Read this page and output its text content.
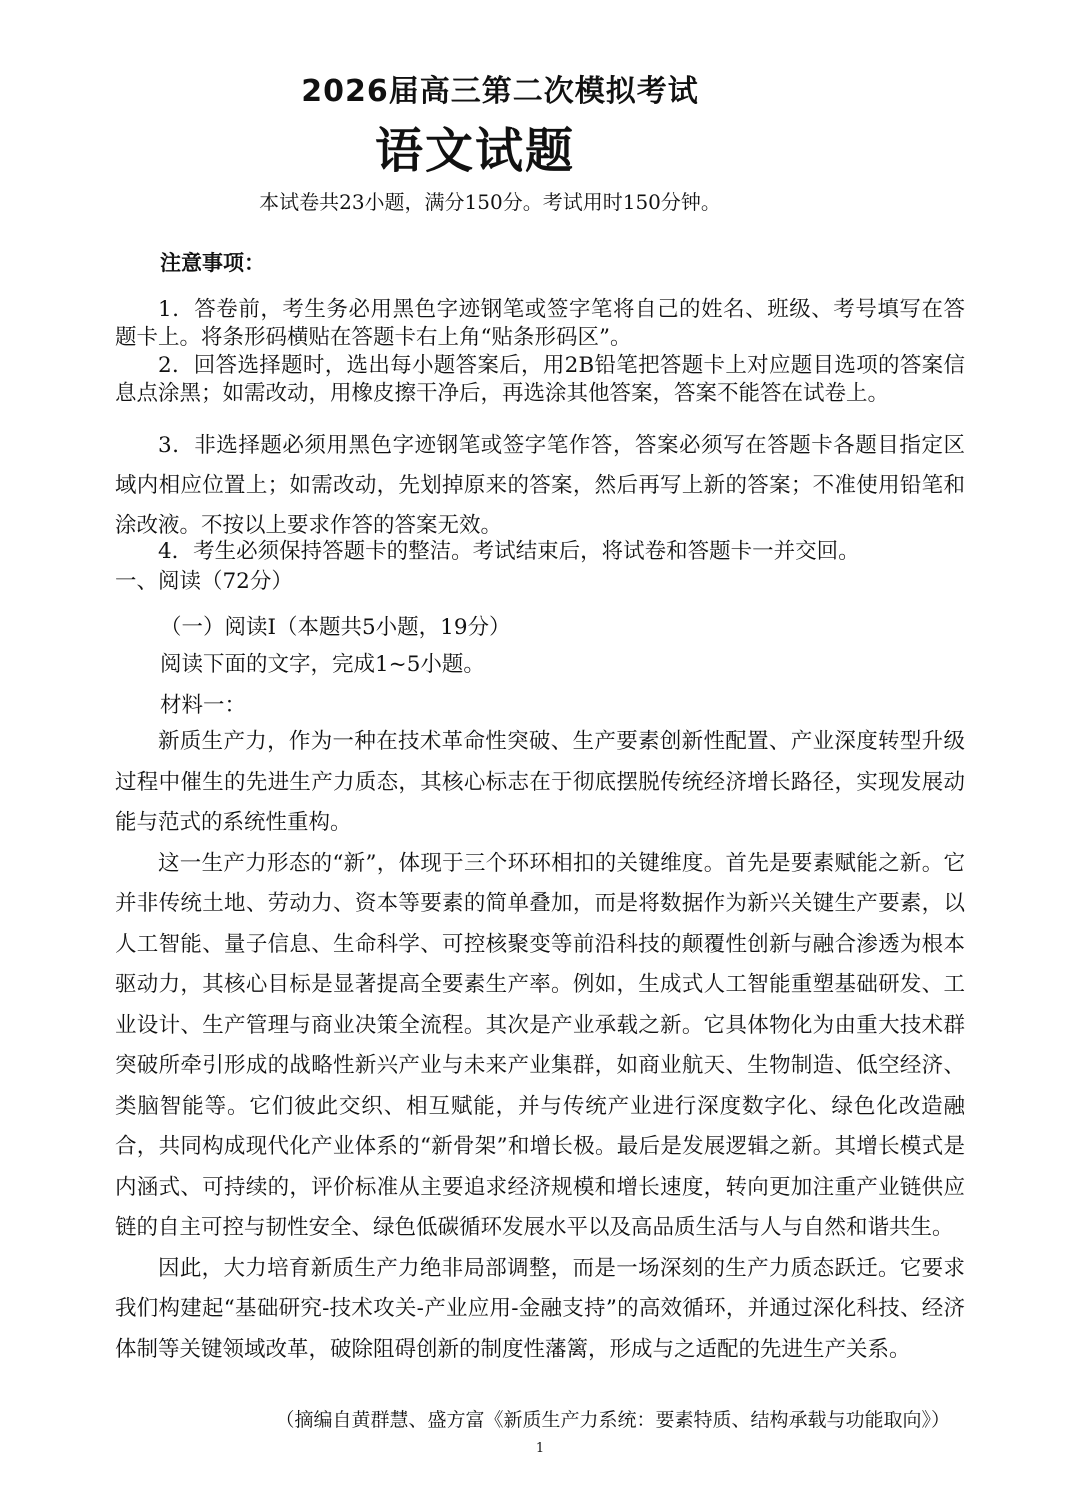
2026届高三第二次模拟考试
语文试题
本试卷共23小题，满分150分。考试用时150分钟。
注意事项：

1．答卷前，考生务必用黑色字迹钢笔或签字笔将自己的姓名、班级、考号填写在答题卡上。将条形码横贴在答题卡右上角“贴条形码区”。

2．回答选择题时，选出每小题答案后，用2B铅笔把答题卡上对应题目选项的答案信息点涂黑；如需改动，用橡皮擦干净后，再选涂其他答案，答案不能答在试卷上。

3．非选择题必须用黑色字迹钢笔或签字笔作答，答案必须写在答题卡各题目指定区域内相应位置上；如需改动，先划掉原来的答案，然后再写上新的答案；不准使用铅笔和涂改液。不按以上要求作答的答案无效。

4．考生必须保持答题卡的整洁。考试结束后，将试卷和答题卡一并交回。

一、阅读（72分）
（一）阅读I（本题共5小题，19分）
阅读下面的文字，完成1~5小题。
材料一：

新质生产力，作为一种在技术革命性突破、生产要素创新性配置、产业深度转型升级过程中催生的先进生产力质态，其核心标志在于彻底摆脱传统经济增长路径，实现发展动能与范式的系统性重构。

这一生产力形态的“新”，体现于三个环环相扣的关键维度。首先是要素赋能之新。它并非传统土地、劳动力、资本等要素的简单叠加，而是将数据作为新兴关键生产要素，以人工智能、量子信息、生命科学、可控核聚变等前沿科技的颠覆性创新与融合渗透为根本驱动力，其核心目标是显著提高全要素生产率。例如，生成式人工智能重塑基础研发、工业设计、生产管理与商业决策全流程。其次是产业承载之新。它具体物化为由重大技术群突破所牵引形成的战略性新兴产业与未来产业集群，如商业航天、生物制造、低空经济、类脑智能等。它们彼此交织、相互赋能，并与传统产业进行深度数字化、绿色化改造融合，共同构成现代化产业体系的“新骨架”和增长极。最后是发展逻辑之新。其增长模式是内涵式、可持续的，评价标准从主要追求经济规模和增长速度，转向更加注重产业链供应链的自主可控与韧性安全、绿色低碳循环发展水平以及高品质生活与人与自然和谐共生。

因此，大力培育新质生产力绝非局部调整，而是一场深刻的生产力质态跃迁。它要求我们构建起“基础研究-技术攻关-产业应用-金融支持”的高效循环，并通过深化科技、经济体制等关键领域改革，破除阻碍创新的制度性藩篱，形成与之适配的先进生产关系。

（摘编自黄群慧、盛方富《新质生产力系统：要素特质、结构承载与功能取向》）
1
